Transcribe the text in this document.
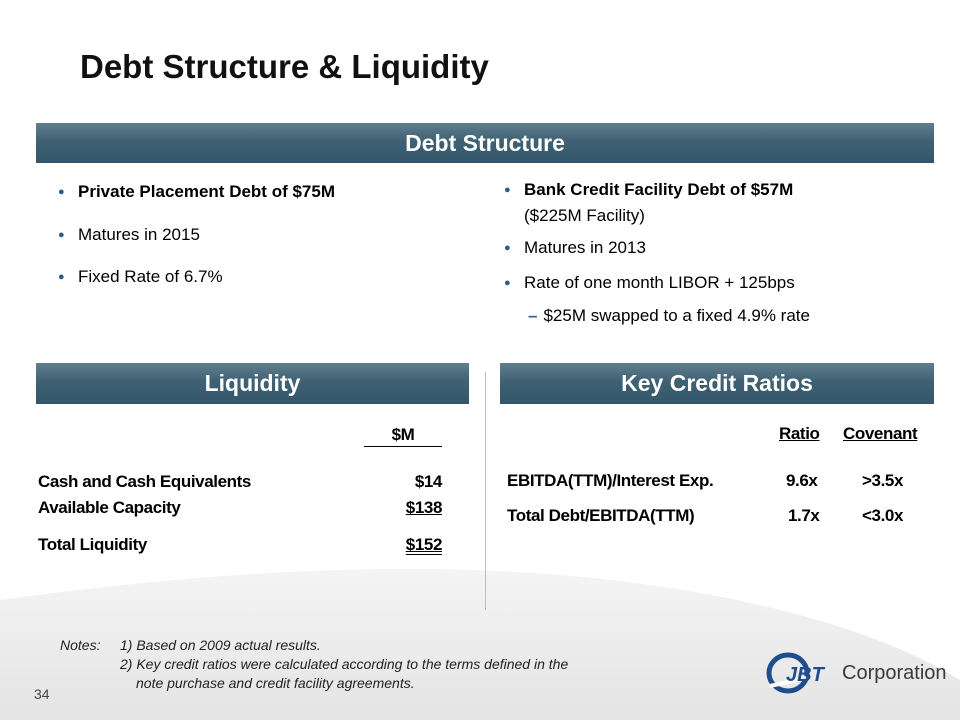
Debt Structure & Liquidity
Debt Structure
● Private Placement Debt of $75M
● Matures in 2015
● Fixed Rate of 6.7%
● Bank Credit Facility Debt of $57M
($225M Facility)
● Matures in 2013
● Rate of one month LIBOR + 125bps
– $25M swapped to a fixed 4.9% rate
Liquidity
$M
Cash and Cash Equivalents	$14
Available Capacity	$138
Total Liquidity	$152
Key Credit Ratios
Ratio Covenant
EBITDA(TTM)/Interest Exp.	9.6x	>3.5x
Total Debt/EBITDA(TTM)	1.7x	<3.0x
Notes: 1) Based on 2009 actual results.
2) Key credit ratios were calculated according to the terms defined in the
note purchase and credit facility agreements.
34
JBT Corporation
